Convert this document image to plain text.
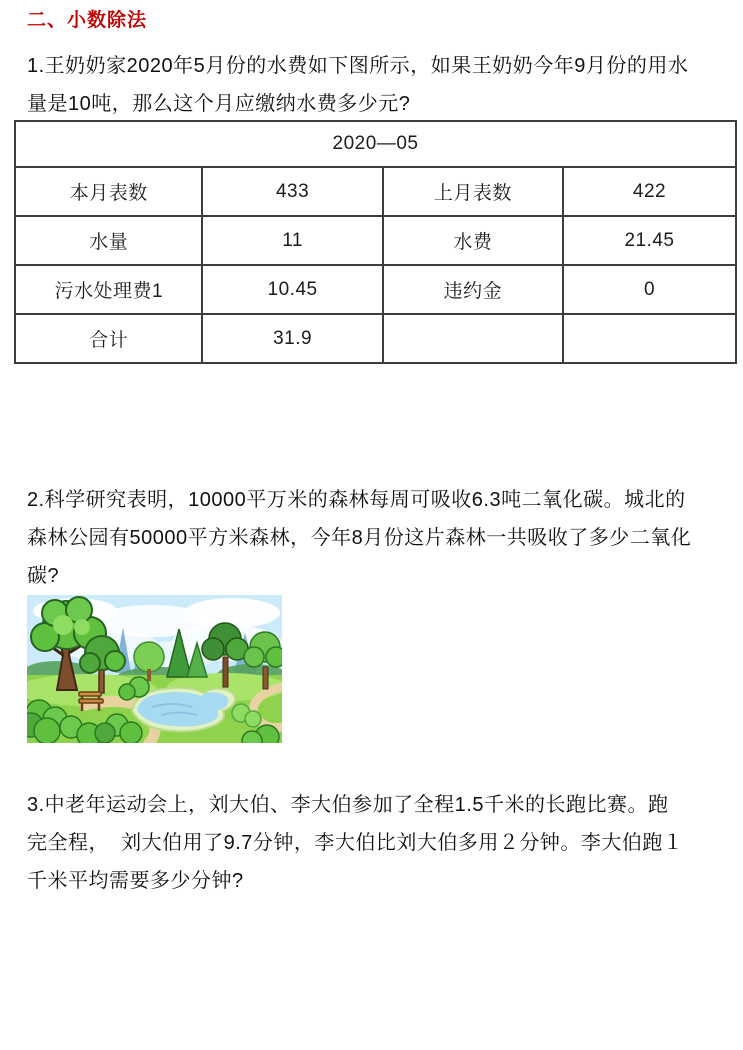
二、小数除法

1.王奶奶家2020年5月份的水费如下图所示，如果王奶奶今年9月份的用水
量是10吨，那么这个月应缴纳水费多少元?

2020—05			
本月表数	433	上月表数	422
水量	11	水费	21.45
污水处理费1	10.45	违约金	0
合计	31.9		

2.科学研究表明，10000平万米的森林每周可吸收6.3吨二氧化碳。城北的
森林公园有50000平方米森林，今年8月份这片森林一共吸收了多少二氧化
碳?

3.中老年运动会上，刘大伯、李大伯参加了全程1.5千米的长跑比赛。跑
完全程，  刘大伯用了9.7分钟，李大伯比刘大伯多用２分钟。李大伯跑１
千米平均需要多少分钟?
